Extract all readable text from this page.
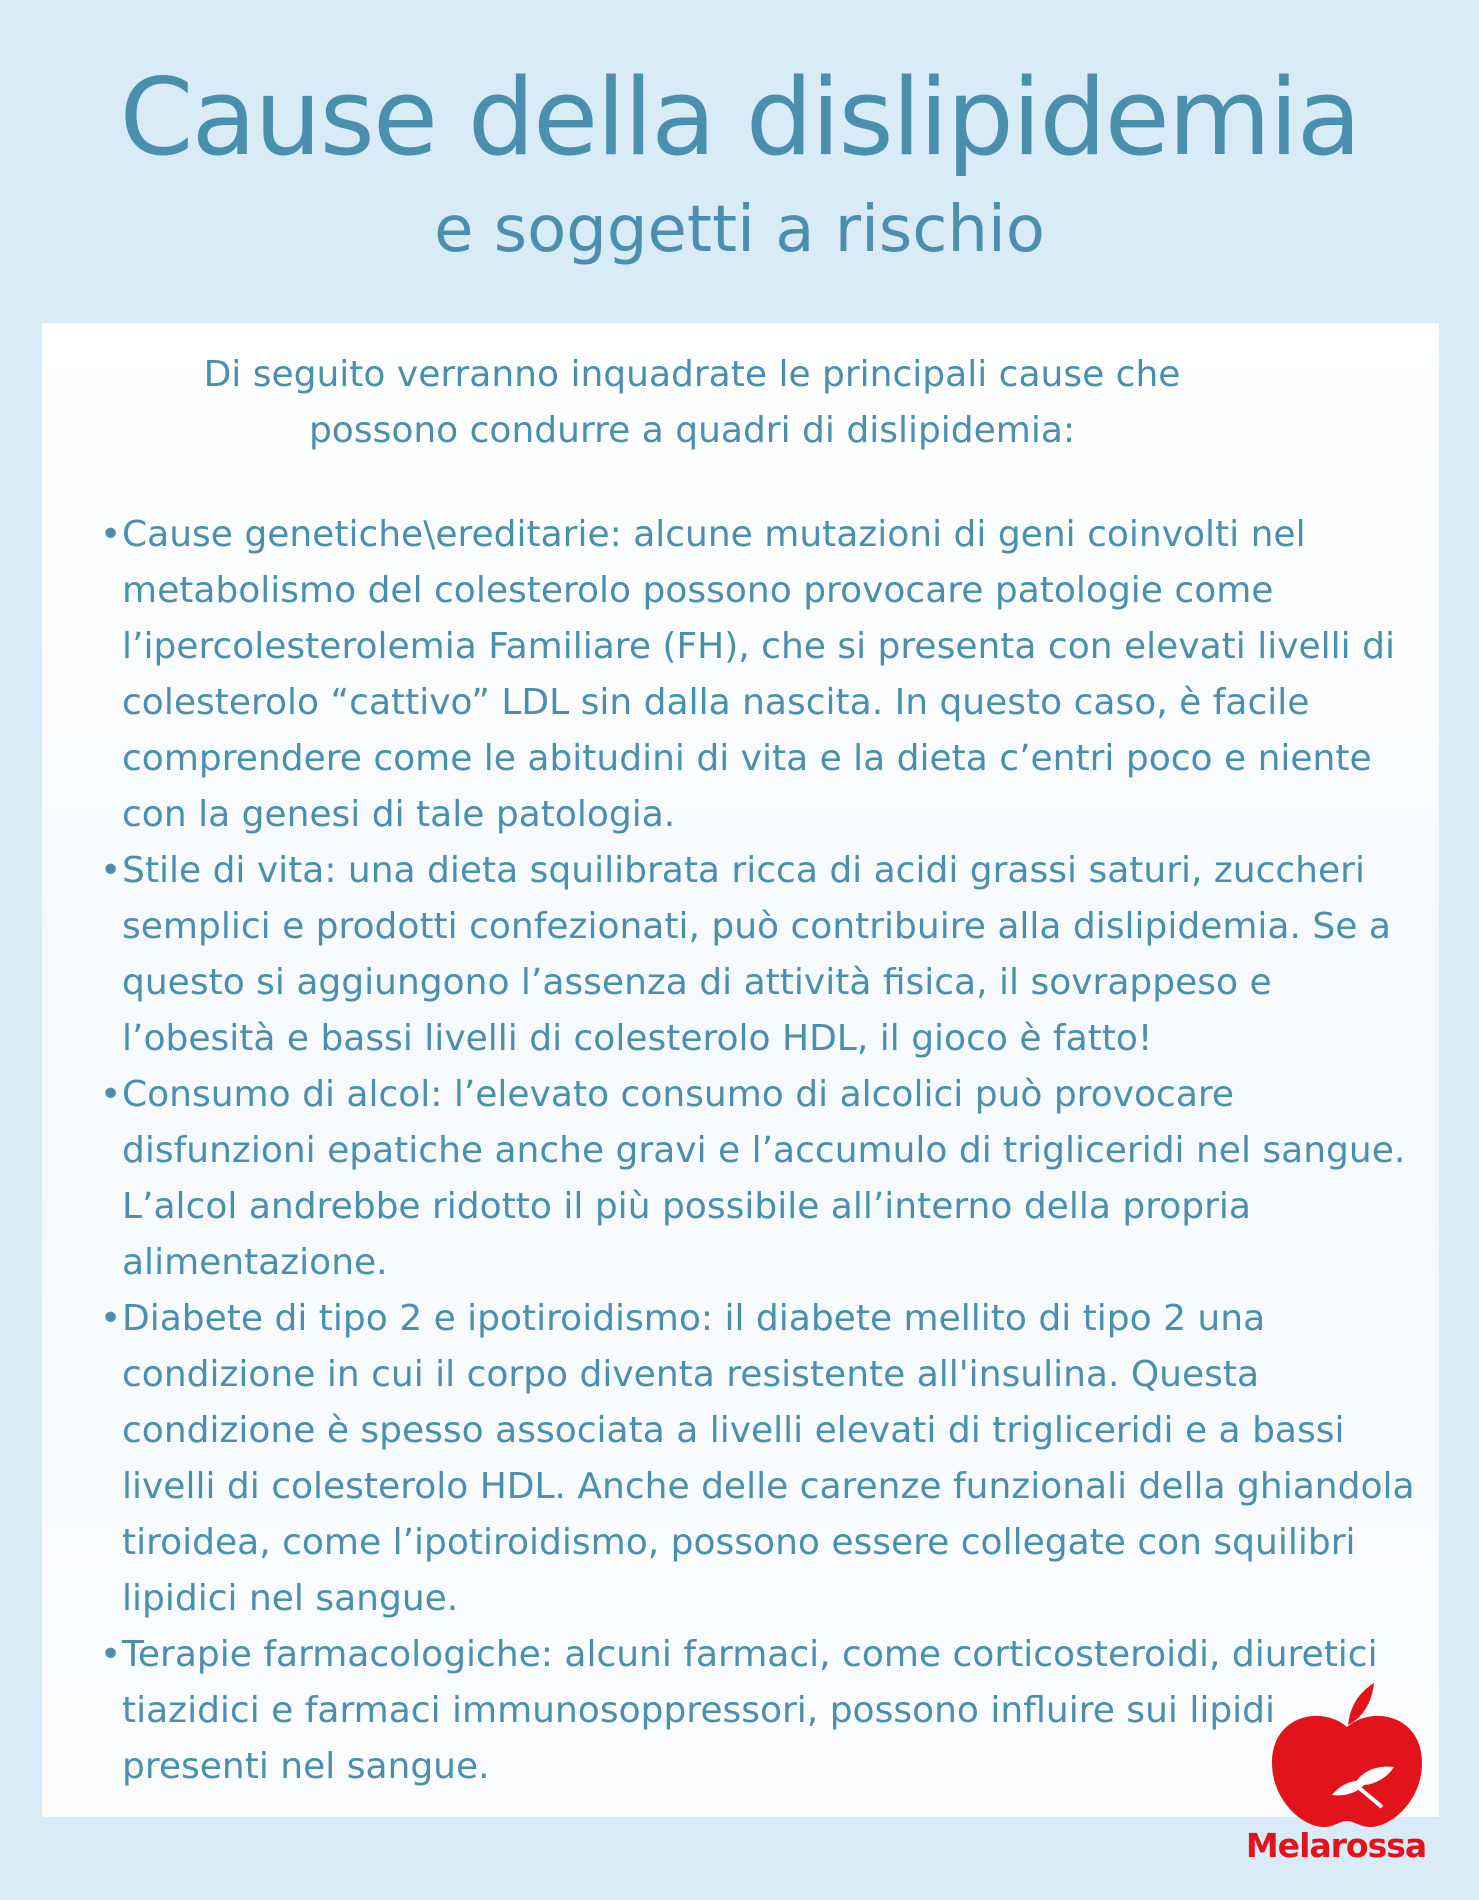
Cause della dislipidemia
e soggetti a rischio
Di seguito verranno inquadrate le principali cause che possono condurre a quadri di dislipidemia:
• Cause genetiche\ereditarie: alcune mutazioni di geni coinvolti nel metabolismo del colesterolo possono provocare patologie come l’ipercolesterolemia Familiare (FH), che si presenta con elevati livelli di colesterolo “cattivo” LDL sin dalla nascita. In questo caso, è facile comprendere come le abitudini di vita e la dieta c’entri poco e niente con la genesi di tale patologia.
• Stile di vita: una dieta squilibrata ricca di acidi grassi saturi, zuccheri semplici e prodotti confezionati, può contribuire alla dislipidemia. Se a questo si aggiungono l’assenza di attività fisica, il sovrappeso e l’obesità e bassi livelli di colesterolo HDL, il gioco è fatto!
• Consumo di alcol: l’elevato consumo di alcolici può provocare disfunzioni epatiche anche gravi e l’accumulo di trigliceridi nel sangue. L’alcol andrebbe ridotto il più possibile all’interno della propria alimentazione.
• Diabete di tipo 2 e ipotiroidismo: il diabete mellito di tipo 2 una condizione in cui il corpo diventa resistente all'insulina. Questa condizione è spesso associata a livelli elevati di trigliceridi e a bassi livelli di colesterolo HDL. Anche delle carenze funzionali della ghiandola tiroidea, come l’ipotiroidismo, possono essere collegate con squilibri lipidici nel sangue.
• Terapie farmacologiche: alcuni farmaci, come corticosteroidi, diuretici tiazidici e farmaci immunosoppressori, possono influire sui lipidi presenti nel sangue.
Melarossa
